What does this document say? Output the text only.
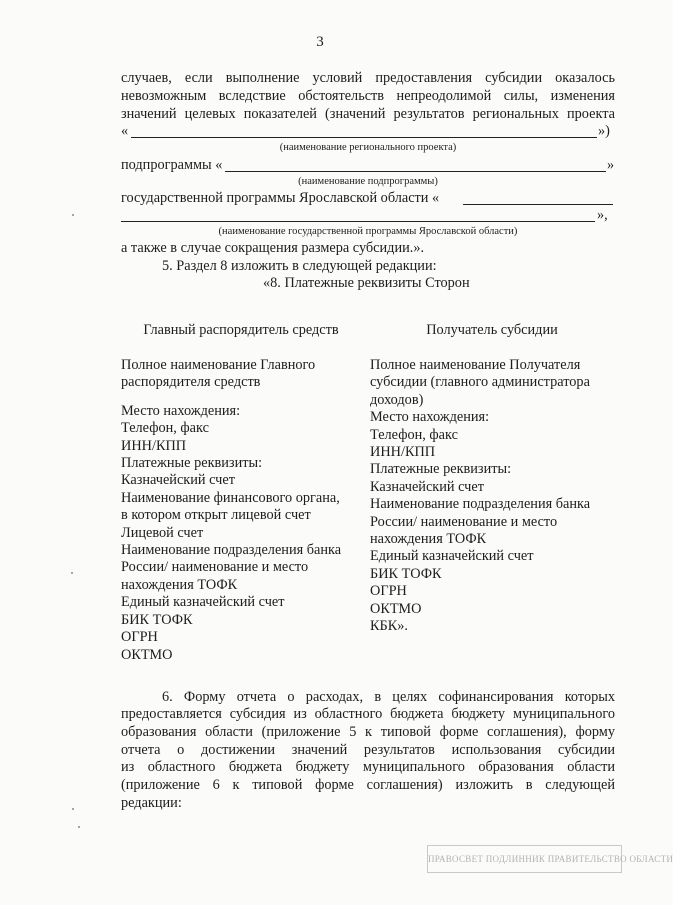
3
случаев, если выполнение условий предоставления субсидии оказалось
невозможным вследствие обстоятельств непреодолимой силы, изменения
значений целевых показателей (значений результатов региональных проекта
«	»)
(наименование регионального проекта)
подпрограммы «	»
(наименование подпрограммы)
государственной программы Ярославской области «
»,
(наименование государственной программы Ярославской области)
а также в случае сокращения размера субсидии.».
5. Раздел 8 изложить в следующей редакции:
«8. Платежные реквизиты Сторон
Главный распорядитель средств	Получатель субсидии
Полное наименование Главного
распорядителя средств
Место нахождения:
Телефон, факс
ИНН/КПП
Платежные реквизиты:
Казначейский счет
Наименование финансового органа,
в котором открыт лицевой счет
Лицевой счет
Наименование подразделения банка
России/ наименование и место
нахождения ТОФК
Единый казначейский счет
БИК ТОФК
ОГРН
ОКТМО
Полное наименование Получателя
субсидии (главного администратора
доходов)
Место нахождения:
Телефон, факс
ИНН/КПП
Платежные реквизиты:
Казначейский счет
Наименование подразделения банка
России/ наименование и место
нахождения ТОФК
Единый казначейский счет
БИК ТОФК
ОГРН
ОКТМО
КБК».
6. Форму отчета о расходах, в целях софинансирования которых
предоставляется субсидия из областного бюджета бюджету муниципального
образования области (приложение 5 к типовой форме соглашения), форму
отчета о достижении значений результатов использования субсидии
из областного бюджета бюджету муниципального образования области
(приложение 6 к типовой форме соглашения) изложить в следующей
редакции:
ПРАВОСВЕТ ПОДЛИННИК ПРАВИТЕЛЬСТВО ОБЛАСТИ
